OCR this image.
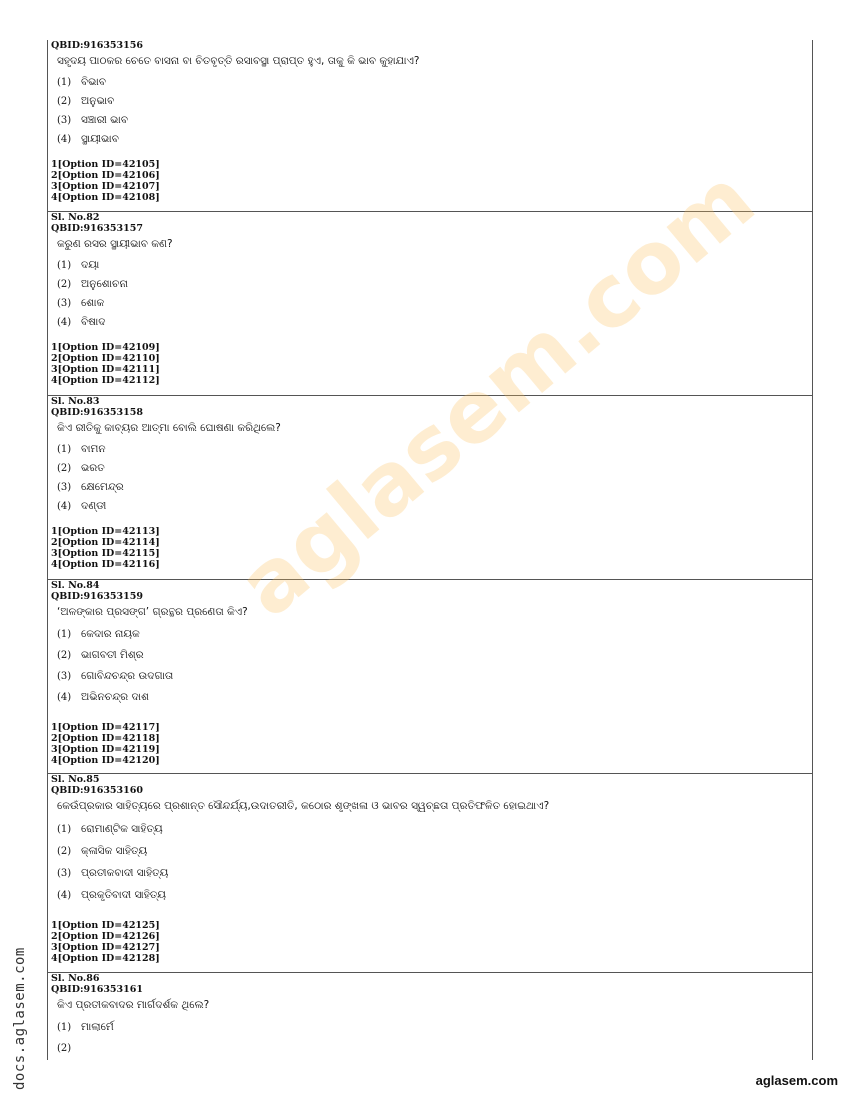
QBID:916353156
ସହୃଦୟ ପାଠକର ଚେତେ ବାସନା ବା ଚିତବୃତ୍ତି ରସାବସ୍ଥା ପ୍ରାପ୍ତ ହୁଏ, ତାକୁ କି ଭାବ କୁହାଯାଏ?
(1) ବିଭାବ
(2) ଅନୁଭାବ
(3) ସଞ୍ଚାରୀ ଭାବ
(4) ସ୍ଥାୟୀଭାବ
1[Option ID=42105]
2[Option ID=42106]
3[Option ID=42107]
4[Option ID=42108]
Sl. No.82
QBID:916353157
କରୁଣ ରସର ସ୍ଥାୟୀଭାବ କଣ?
(1) ଦୟା
(2) ଅନୁଶୋଚନା
(3) ଶୋକ
(4) ବିଷାଦ
1[Option ID=42109]
2[Option ID=42110]
3[Option ID=42111]
4[Option ID=42112]
Sl. No.83
QBID:916353158
କିଏ ରୀତିକୁ କାବ୍ୟର ଆତ୍ମା ବୋଲି ଘୋଷଣା କରିଥିଲେ?
(1) ବାମନ
(2) ଭରତ
(3) କ୍ଷେମେନ୍ଦ୍ର
(4) ଦଣ୍ଡୀ
1[Option ID=42113]
2[Option ID=42114]
3[Option ID=42115]
4[Option ID=42116]
Sl. No.84
QBID:916353159
‘ଅଳଙ୍କାର ପ୍ରସଙ୍ଗ’ ଗ୍ରନ୍ଥର ପ୍ରଣେତା କିଏ?
(1) କେଦାର ନାୟକ
(2) ଭାଗବତୀ ମିଶ୍ର
(3) ଗୋବିନ୍ଦଚନ୍ଦ୍ର ଉଦଗାତା
(4) ଅଭିନଚନ୍ଦ୍ର ଦାଶ
1[Option ID=42117]
2[Option ID=42118]
3[Option ID=42119]
4[Option ID=42120]
Sl. No.85
QBID:916353160
କେଉଁପ୍ରକାର ସାହିତ୍ୟରେ ପ୍ରଶାନ୍ତ ସୌନ୍ଦର୍ଯ୍ୟ,ଉଦାତରୀତି, କଠୋର ଶୃଙ୍ଖଳା ଓ ଭାବର ସ୍ୱଚ୍ଛତା ପ୍ରତିଫଳିତ ହୋଇଥାଏ?
(1) ରୋମାଣ୍ଟିକ ସାହିତ୍ୟ
(2) କ୍ଳାସିକ ସାହିତ୍ୟ
(3) ପ୍ରତୀକବାଦୀ ସାହିତ୍ୟ
(4) ପ୍ରକୃତିବାଦୀ ସାହିତ୍ୟ
1[Option ID=42125]
2[Option ID=42126]
3[Option ID=42127]
4[Option ID=42128]
Sl. No.86
QBID:916353161
କିଏ ପ୍ରତୀକବାଦର ମାର୍ଗଦର୍ଶକ ଥିଲେ?
(1) ମାଲାର୍ମେ
(2)
aglasem.com
docs.aglasem.com	aglasem.com
